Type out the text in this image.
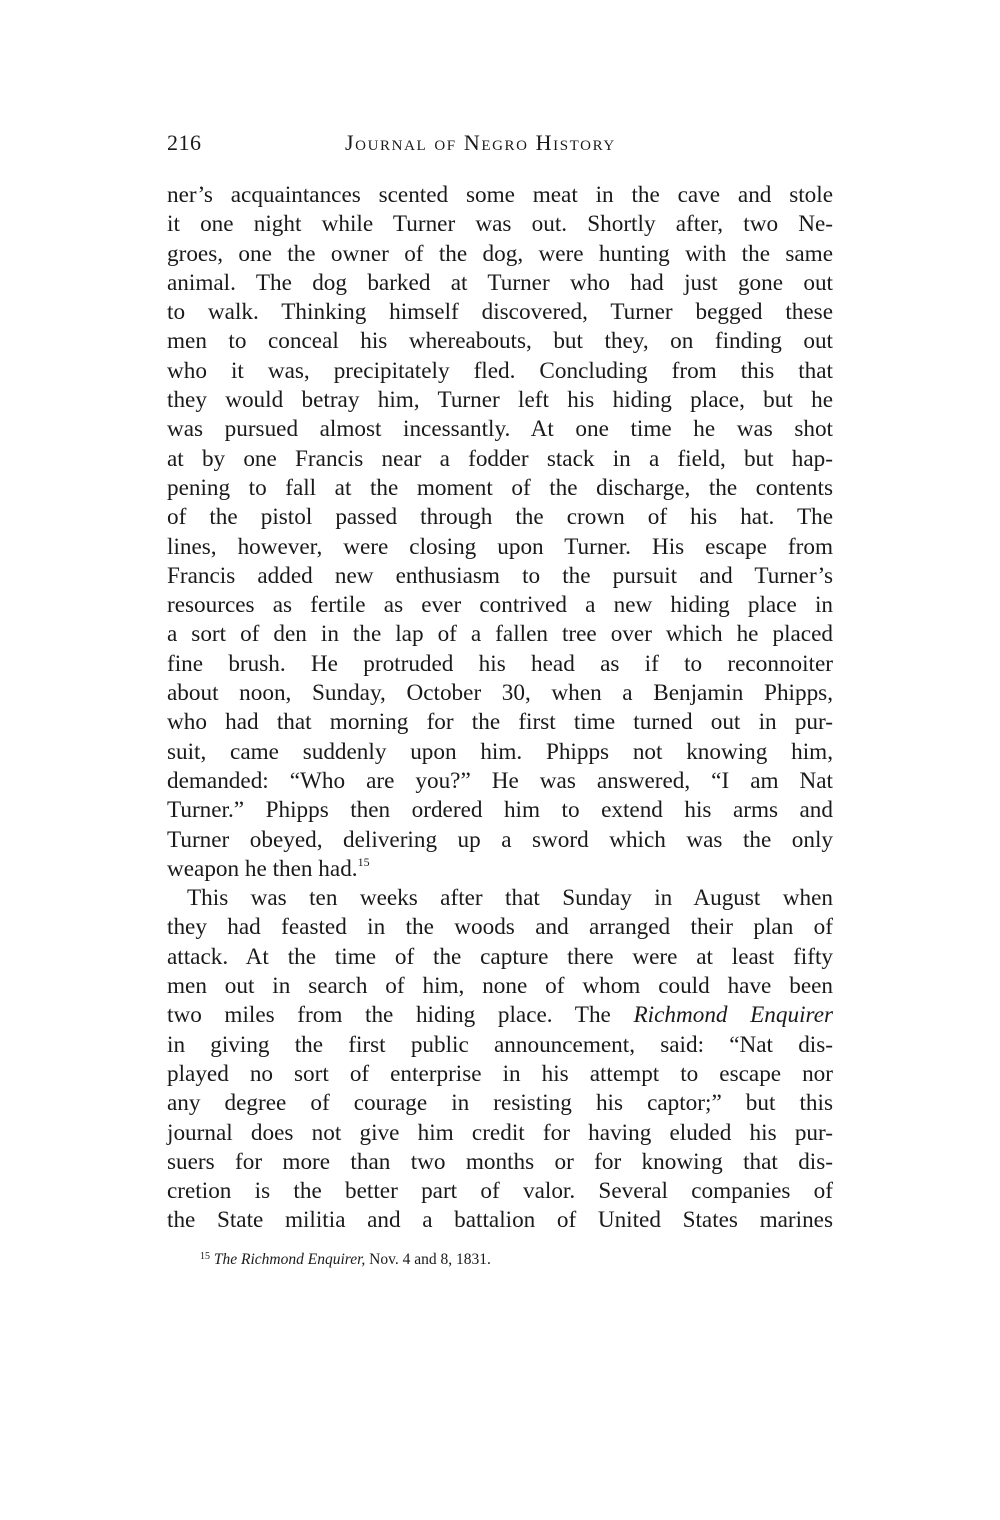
216	Journal of Negro History
ner’s acquaintances scented some meat in the cave and stole
it one night while Turner was out. Shortly after, two Ne-
groes, one the owner of the dog, were hunting with the same
animal. The dog barked at Turner who had just gone out
to walk. Thinking himself discovered, Turner begged these
men to conceal his whereabouts, but they, on finding out
who it was, precipitately fled. Concluding from this that
they would betray him, Turner left his hiding place, but he
was pursued almost incessantly. At one time he was shot
at by one Francis near a fodder stack in a field, but hap-
pening to fall at the moment of the discharge, the contents
of the pistol passed through the crown of his hat. The
lines, however, were closing upon Turner. His escape from
Francis added new enthusiasm to the pursuit and Turner’s
resources as fertile as ever contrived a new hiding place in
a sort of den in the lap of a fallen tree over which he placed
fine brush. He protruded his head as if to reconnoiter
about noon, Sunday, October 30, when a Benjamin Phipps,
who had that morning for the first time turned out in pur-
suit, came suddenly upon him. Phipps not knowing him,
demanded: “Who are you?” He was answered, “I am Nat
Turner.” Phipps then ordered him to extend his arms and
Turner obeyed, delivering up a sword which was the only
weapon he then had.$^{15}$
This was ten weeks after that Sunday in August when
they had feasted in the woods and arranged their plan of
attack. At the time of the capture there were at least fifty
men out in search of him, none of whom could have been
two miles from the hiding place. The Richmond Enquirer
in giving the first public announcement, said: “Nat dis-
played no sort of enterprise in his attempt to escape nor
any degree of courage in resisting his captor;” but this
journal does not give him credit for having eluded his pur-
suers for more than two months or for knowing that dis-
cretion is the better part of valor. Several companies of
the State militia and a battalion of United States marines
$^{15}$ The Richmond Enquirer, Nov. 4 and 8, 1831.
